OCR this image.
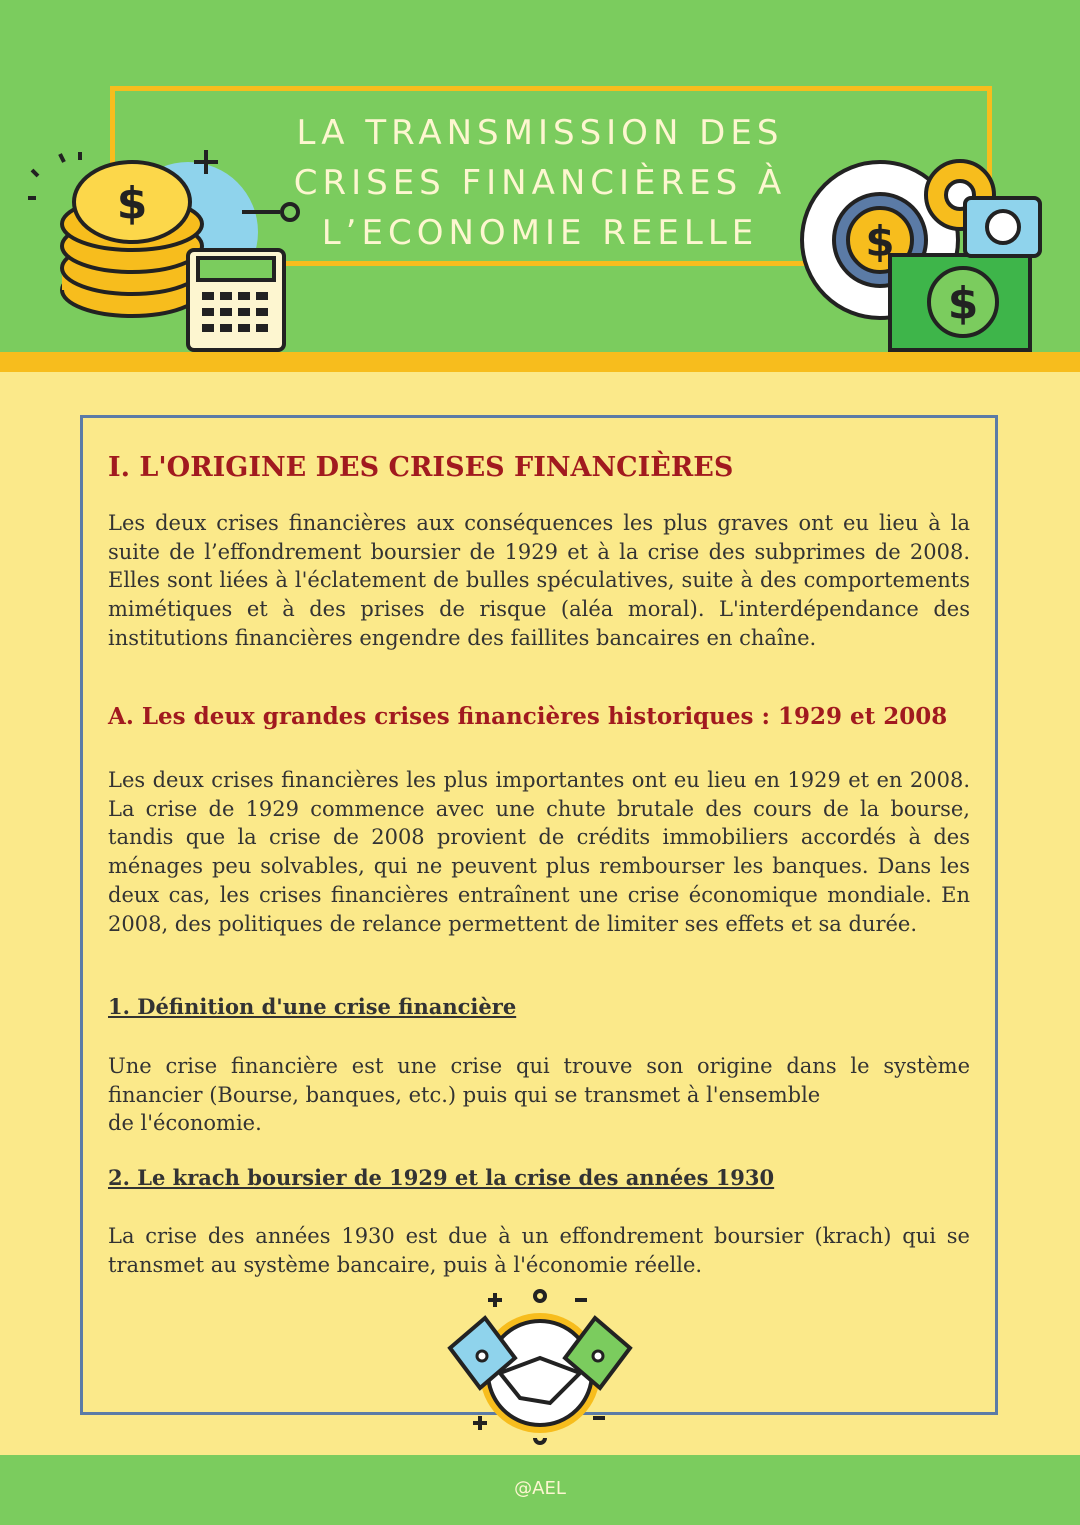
LA TRANSMISSION DES
CRISES FINANCIÈRES À
L’ECONOMIE REELLE
$
$
$
I. L'ORIGINE DES CRISES FINANCIÈRES
Les deux crises financières aux conséquences les plus graves ont eu lieu à la suite de l’effondrement boursier de 1929 et à la crise des subprimes de 2008. Elles sont liées à l'éclatement de bulles spéculatives, suite à des comportements mimétiques et à des prises de risque (aléa moral). L'interdépendance des institutions financières engendre des faillites bancaires en chaîne.
A. Les deux grandes crises financières historiques : 1929 et 2008
Les deux crises financières les plus importantes ont eu lieu en 1929 et en 2008. La crise de 1929 commence avec une chute brutale des cours de la bourse, tandis que la crise de 2008 provient de crédits immobiliers accordés à des ménages peu solvables, qui ne peuvent plus rembourser les banques. Dans les deux cas, les crises financières entraînent une crise économique mondiale. En 2008, des politiques de relance permettent de limiter ses effets et sa durée.
1. Définition d'une crise financière
Une crise financière est une crise qui trouve son origine dans le système
financier (Bourse, banques, etc.) puis qui se transmet à l'ensemble
de l'économie.
2. Le krach boursier de 1929 et la crise des années 1930
La crise des années 1930 est due à un effondrement boursier (krach) qui se transmet au système bancaire, puis à l'économie réelle.
@AEL
